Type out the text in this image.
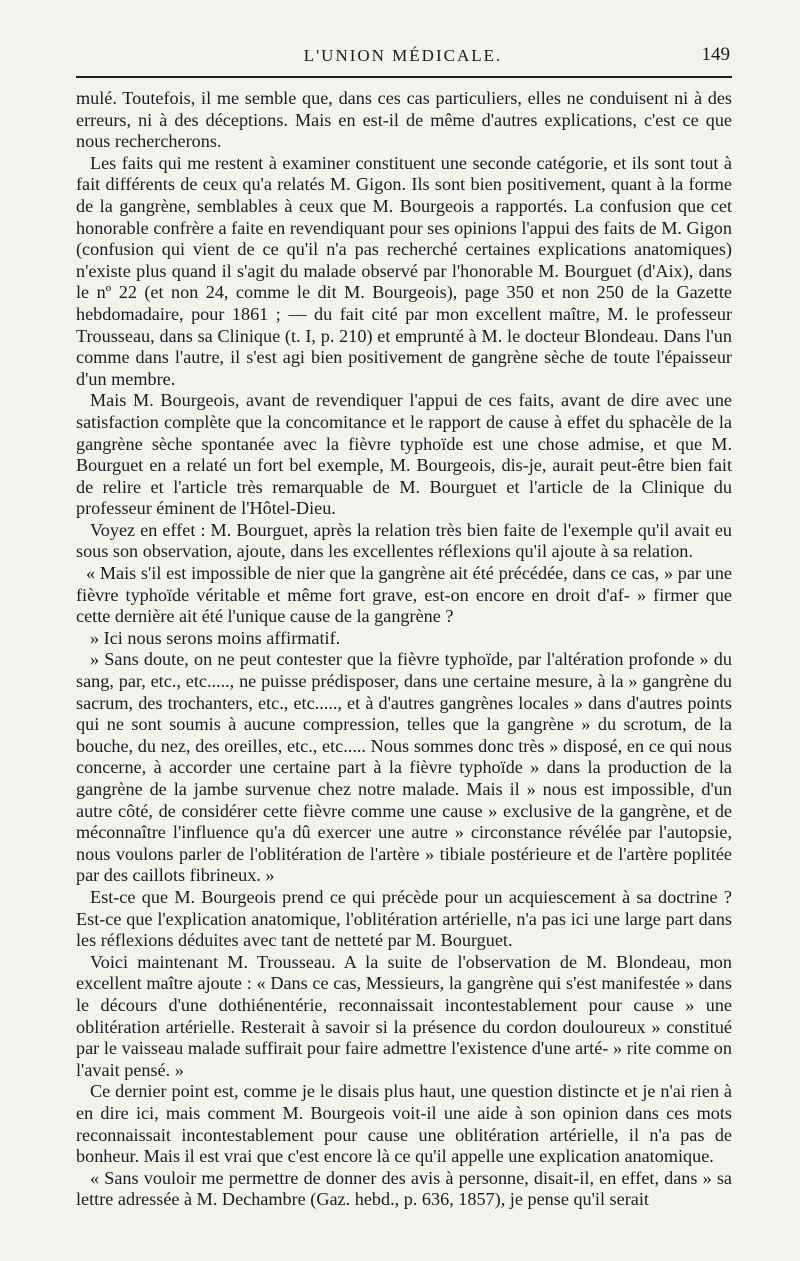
L'UNION MÉDICALE.	149

mulé. Toutefois, il me semble que, dans ces cas particuliers, elles ne conduisent ni à des erreurs, ni à des déceptions. Mais en est-il de même d'autres explications, c'est ce que nous rechercherons.

Les faits qui me restent à examiner constituent une seconde catégorie, et ils sont tout à fait différents de ceux qu'a relatés M. Gigon. Ils sont bien positivement, quant à la forme de la gangrène, semblables à ceux que M. Bourgeois a rapportés. La confusion que cet honorable confrère a faite en revendiquant pour ses opinions l'appui des faits de M. Gigon (confusion qui vient de ce qu'il n'a pas recherché certaines explications anatomiques) n'existe plus quand il s'agit du malade observé par l'honorable M. Bourguet (d'Aix), dans le nº 22 (et non 24, comme le dit M. Bourgeois), page 350 et non 250 de la Gazette hebdomadaire, pour 1861 ; — du fait cité par mon excellent maître, M. le professeur Trousseau, dans sa Clinique (t. I, p. 210) et emprunté à M. le docteur Blondeau. Dans l'un comme dans l'autre, il s'est agi bien positivement de gangrène sèche de toute l'épaisseur d'un membre.

Mais M. Bourgeois, avant de revendiquer l'appui de ces faits, avant de dire avec une satisfaction complète que la concomitance et le rapport de cause à effet du sphacèle de la gangrène sèche spontanée avec la fièvre typhoïde est une chose admise, et que M. Bourguet en a relaté un fort bel exemple, M. Bourgeois, dis-je, aurait peut-être bien fait de relire et l'article très remarquable de M. Bourguet et l'article de la Clinique du professeur éminent de l'Hôtel-Dieu.

Voyez en effet : M. Bourguet, après la relation très bien faite de l'exemple qu'il avait eu sous son observation, ajoute, dans les excellentes réflexions qu'il ajoute à sa relation.

« Mais s'il est impossible de nier que la gangrène ait été précédée, dans ce cas, » par une fièvre typhoïde véritable et même fort grave, est-on encore en droit d'af- » firmer que cette dernière ait été l'unique cause de la gangrène ?

» Ici nous serons moins affirmatif.

» Sans doute, on ne peut contester que la fièvre typhoïde, par l'altération profonde » du sang, par, etc., etc....., ne puisse prédisposer, dans une certaine mesure, à la » gangrène du sacrum, des trochanters, etc., etc....., et à d'autres gangrènes locales » dans d'autres points qui ne sont soumis à aucune compression, telles que la gangrène » du scrotum, de la bouche, du nez, des oreilles, etc., etc..... Nous sommes donc très » disposé, en ce qui nous concerne, à accorder une certaine part à la fièvre typhoïde » dans la production de la gangrène de la jambe survenue chez notre malade. Mais il » nous est impossible, d'un autre côté, de considérer cette fièvre comme une cause » exclusive de la gangrène, et de méconnaître l'influence qu'a dû exercer une autre » circonstance révélée par l'autopsie, nous voulons parler de l'oblitération de l'artère » tibiale postérieure et de l'artère poplitée par des caillots fibrineux. »

Est-ce que M. Bourgeois prend ce qui précède pour un acquiescement à sa doctrine ? Est-ce que l'explication anatomique, l'oblitération artérielle, n'a pas ici une large part dans les réflexions déduites avec tant de netteté par M. Bourguet.

Voici maintenant M. Trousseau. A la suite de l'observation de M. Blondeau, mon excellent maître ajoute : « Dans ce cas, Messieurs, la gangrène qui s'est manifestée » dans le décours d'une dothiénentérie, reconnaissait incontestablement pour cause » une oblitération artérielle. Resterait à savoir si la présence du cordon douloureux » constitué par le vaisseau malade suffirait pour faire admettre l'existence d'une arté- » rite comme on l'avait pensé. »

Ce dernier point est, comme je le disais plus haut, une question distincte et je n'ai rien à en dire ici, mais comment M. Bourgeois voit-il une aide à son opinion dans ces mots reconnaissait incontestablement pour cause une oblitération artérielle, il n'a pas de bonheur. Mais il est vrai que c'est encore là ce qu'il appelle une explication anatomique.

« Sans vouloir me permettre de donner des avis à personne, disait-il, en effet, dans » sa lettre adressée à M. Dechambre (Gaz. hebd., p. 636, 1857), je pense qu'il serait
